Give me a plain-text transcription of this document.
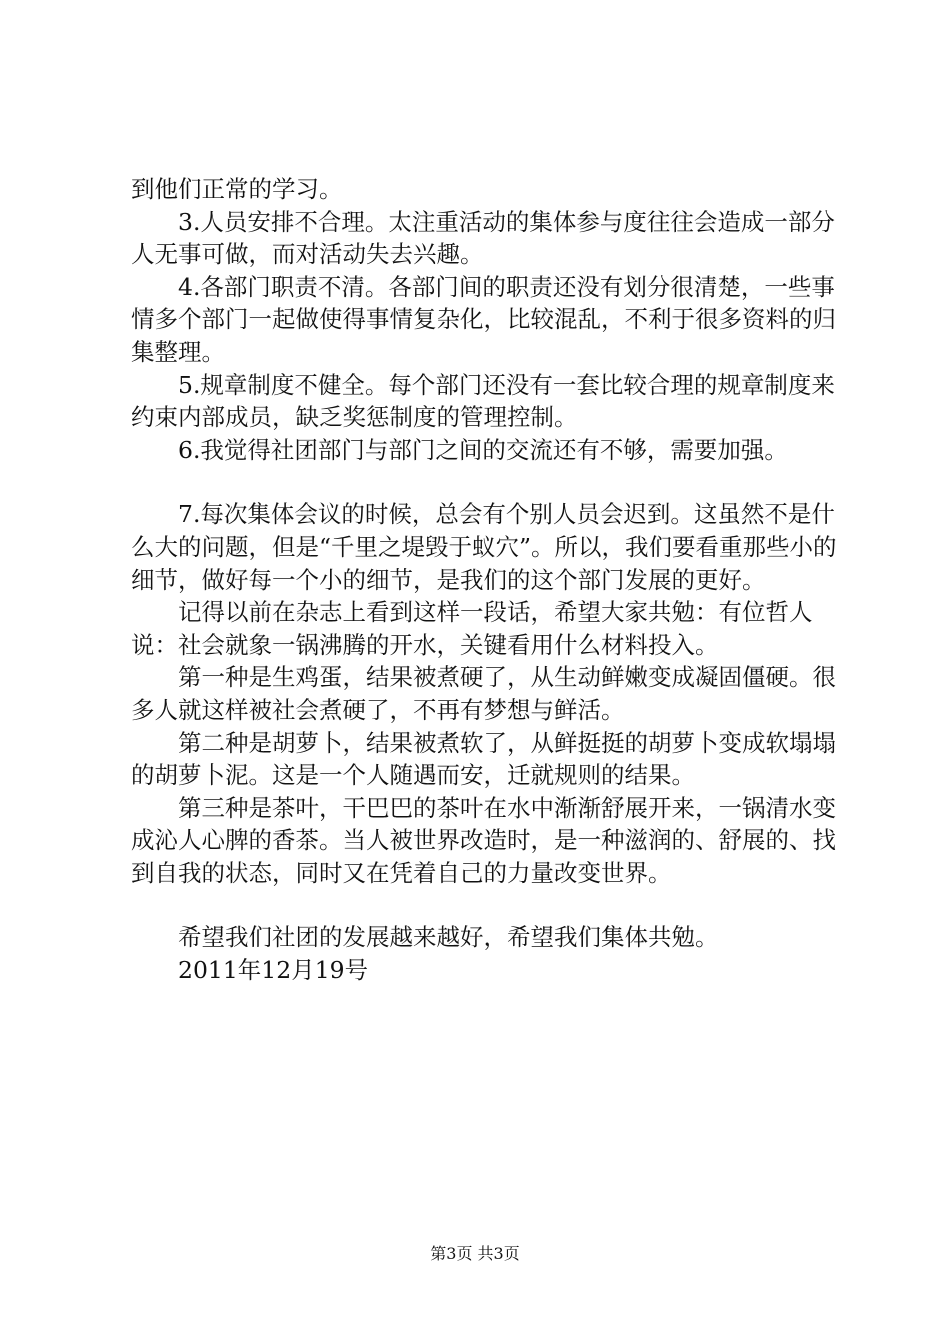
到他们正常的学习。

3.人员安排不合理。太注重活动的集体参与度往往会造成一部分人无事可做，而对活动失去兴趣。

4.各部门职责不清。各部门间的职责还没有划分很清楚，一些事情多个部门一起做使得事情复杂化，比较混乱，不利于很多资料的归集整理。

5.规章制度不健全。每个部门还没有一套比较合理的规章制度来约束内部成员，缺乏奖惩制度的管理控制。

6.我觉得社团部门与部门之间的交流还有不够，需要加强。

7.每次集体会议的时候，总会有个别人员会迟到。这虽然不是什么大的问题，但是“千里之堤毁于蚁穴”。所以，我们要看重那些小的细节，做好每一个小的细节，是我们的这个部门发展的更好。

记得以前在杂志上看到这样一段话，希望大家共勉：有位哲人说：社会就象一锅沸腾的开水，关键看用什么材料投入。

第一种是生鸡蛋，结果被煮硬了，从生动鲜嫩变成凝固僵硬。很多人就这样被社会煮硬了，不再有梦想与鲜活。

第二种是胡萝卜，结果被煮软了，从鲜挺挺的胡萝卜变成软塌塌的胡萝卜泥。这是一个人随遇而安，迁就规则的结果。

第三种是茶叶，干巴巴的茶叶在水中渐渐舒展开来，一锅清水变成沁人心脾的香茶。当人被世界改造时，是一种滋润的、舒展的、找到自我的状态，同时又在凭着自己的力量改变世界。

希望我们社团的发展越来越好，希望我们集体共勉。

2011年12月19号

第3页 共3页
